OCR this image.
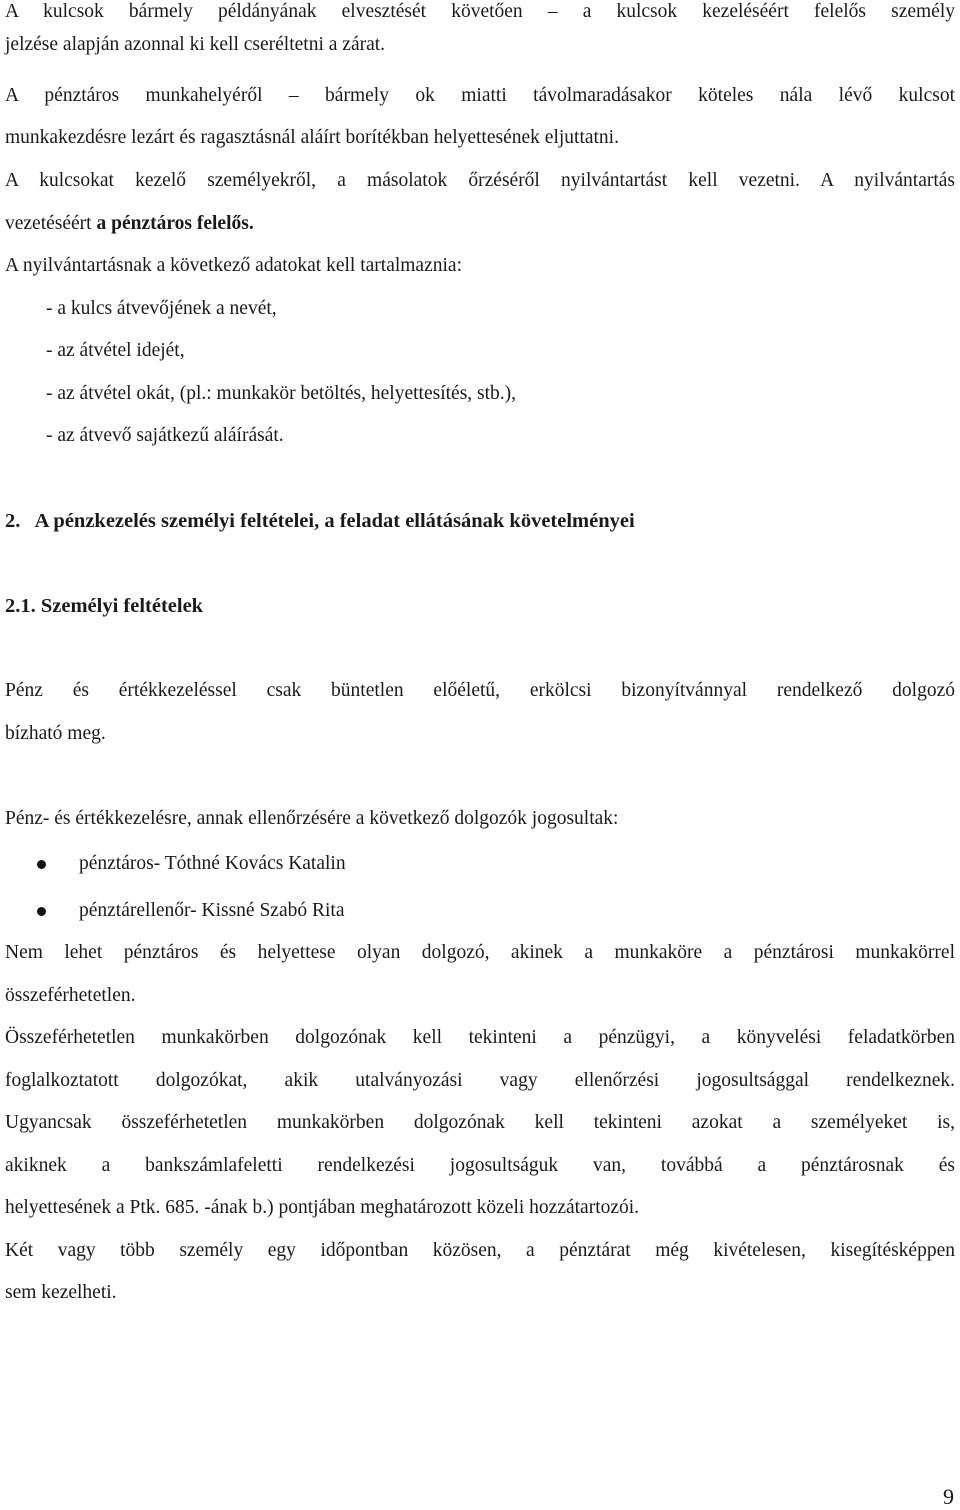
A kulcsok bármely példányának elvesztését követően – a kulcsok kezeléséért felelős személy
jelzése alapján azonnal ki kell cseréltetni a zárat.
A pénztáros munkahelyéről – bármely ok miatti távolmaradásakor köteles nála lévő kulcsot
munkakezdésre lezárt és ragasztásnál aláírt borítékban helyettesének eljuttatni.
A kulcsokat kezelő személyekről, a másolatok őrzéséről nyilvántartást kell vezetni. A nyilvántartás
vezetéséért a pénztáros felelős.
A nyilvántartásnak a következő adatokat kell tartalmaznia:
- a kulcs átvevőjének a nevét,
- az átvétel idejét,
- az átvétel okát, (pl.: munkakör betöltés, helyettesítés, stb.),
- az átvevő sajátkezű aláírását.
2.   A pénzkezelés személyi feltételei, a feladat ellátásának követelményei
2.1. Személyi feltételek
Pénz és értékkezeléssel csak büntetlen előéletű, erkölcsi bizonyítvánnyal rendelkező dolgozó
bízható meg.
Pénz- és értékkezelésre, annak ellenőrzésére a következő dolgozók jogosultak:
pénztáros- Tóthné Kovács Katalin
pénztárellenőr- Kissné Szabó Rita
Nem lehet pénztáros és helyettese olyan dolgozó, akinek a munkaköre a pénztárosi munkakörrel
összeférhetetlen.
Összeférhetetlen munkakörben dolgozónak kell tekinteni a pénzügyi, a könyvelési feladatkörben
foglalkoztatott dolgozókat, akik utalványozási vagy ellenőrzési jogosultsággal rendelkeznek.
Ugyancsak összeférhetetlen munkakörben dolgozónak kell tekinteni azokat a személyeket is,
akiknek a bankszámlafeletti rendelkezési jogosultságuk van, továbbá a pénztárosnak és
helyettesének a Ptk. 685. -ának b.) pontjában meghatározott közeli hozzátartozói.
Két vagy több személy egy időpontban közösen, a pénztárat még kivételesen, kisegítésképpen
sem kezelheti.
9
